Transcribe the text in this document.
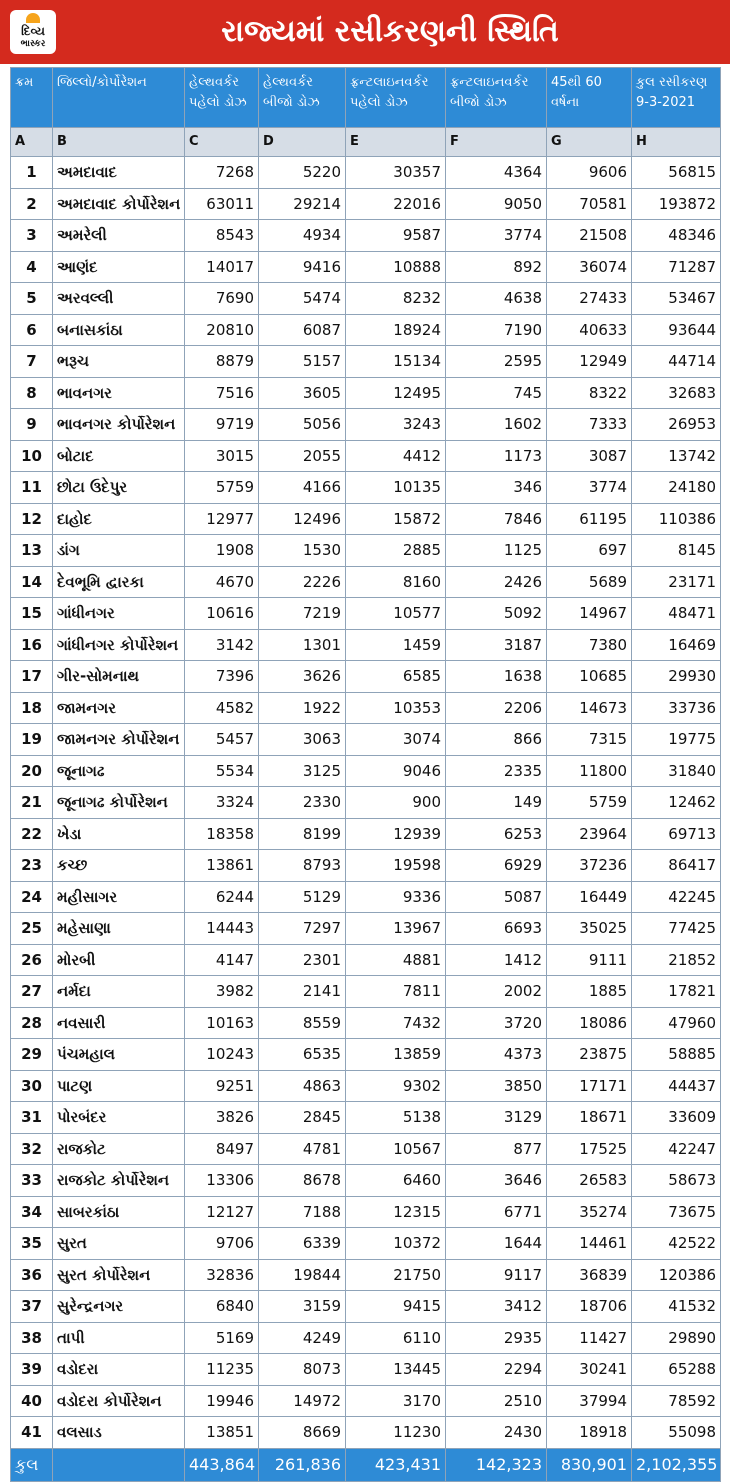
દિવ્ય
ભાસ્કર	રાજ્યમાં રસીકરણની સ્થિતિ
ક્રમ	જિલ્લો/કોર્પોરેશન	હેલ્થવર્કર પહેલો ડોઝ	હેલ્થવર્કર બીજો ડોઝ	ફ્રન્ટલાઇનવર્કર પહેલો ડોઝ	ફ્રન્ટલાઇનવર્કર બીજો ડોઝ	45થી 60 વર્ષના	કુલ રસીકરણ 9-3-2021
A	B	C	D	E	F	G	H
1	અમદાવાદ	7268	5220	30357	4364	9606	56815
2	અમદાવાદ કોર્પોરેશન	63011	29214	22016	9050	70581	193872
3	અમરેલી	8543	4934	9587	3774	21508	48346
4	આણંદ	14017	9416	10888	892	36074	71287
5	અરવલ્લી	7690	5474	8232	4638	27433	53467
6	બનાસકાંઠા	20810	6087	18924	7190	40633	93644
7	ભરૂચ	8879	5157	15134	2595	12949	44714
8	ભાવનગર	7516	3605	12495	745	8322	32683
9	ભાવનગર કોર્પોરેશન	9719	5056	3243	1602	7333	26953
10	બોટાદ	3015	2055	4412	1173	3087	13742
11	છોટા ઉદેપુર	5759	4166	10135	346	3774	24180
12	દાહોદ	12977	12496	15872	7846	61195	110386
13	ડાંગ	1908	1530	2885	1125	697	8145
14	દેવભૂમિ દ્વારકા	4670	2226	8160	2426	5689	23171
15	ગાંધીનગર	10616	7219	10577	5092	14967	48471
16	ગાંધીનગર કોર્પોરેશન	3142	1301	1459	3187	7380	16469
17	ગીર-સોમનાથ	7396	3626	6585	1638	10685	29930
18	જામનગર	4582	1922	10353	2206	14673	33736
19	જામનગર કોર્પોરેશન	5457	3063	3074	866	7315	19775
20	જૂનાગઢ	5534	3125	9046	2335	11800	31840
21	જૂનાગઢ કોર્પોરેશન	3324	2330	900	149	5759	12462
22	ખેડા	18358	8199	12939	6253	23964	69713
23	કચ્છ	13861	8793	19598	6929	37236	86417
24	મહીસાગર	6244	5129	9336	5087	16449	42245
25	મહેસાણા	14443	7297	13967	6693	35025	77425
26	મોરબી	4147	2301	4881	1412	9111	21852
27	નર્મદા	3982	2141	7811	2002	1885	17821
28	નવસારી	10163	8559	7432	3720	18086	47960
29	પંચમહાલ	10243	6535	13859	4373	23875	58885
30	પાટણ	9251	4863	9302	3850	17171	44437
31	પોરબંદર	3826	2845	5138	3129	18671	33609
32	રાજકોટ	8497	4781	10567	877	17525	42247
33	રાજકોટ કોર્પોરેશન	13306	8678	6460	3646	26583	58673
34	સાબરકાંઠા	12127	7188	12315	6771	35274	73675
35	સુરત	9706	6339	10372	1644	14461	42522
36	સુરત કોર્પોરેશન	32836	19844	21750	9117	36839	120386
37	સુરેન્દ્રનગર	6840	3159	9415	3412	18706	41532
38	તાપી	5169	4249	6110	2935	11427	29890
39	વડોદરા	11235	8073	13445	2294	30241	65288
40	વડોદરા કોર્પોરેશન	19946	14972	3170	2510	37994	78592
41	વલસાડ	13851	8669	11230	2430	18918	55098
કુલ		443,864	261,836	423,431	142,323	830,901	2,102,355
